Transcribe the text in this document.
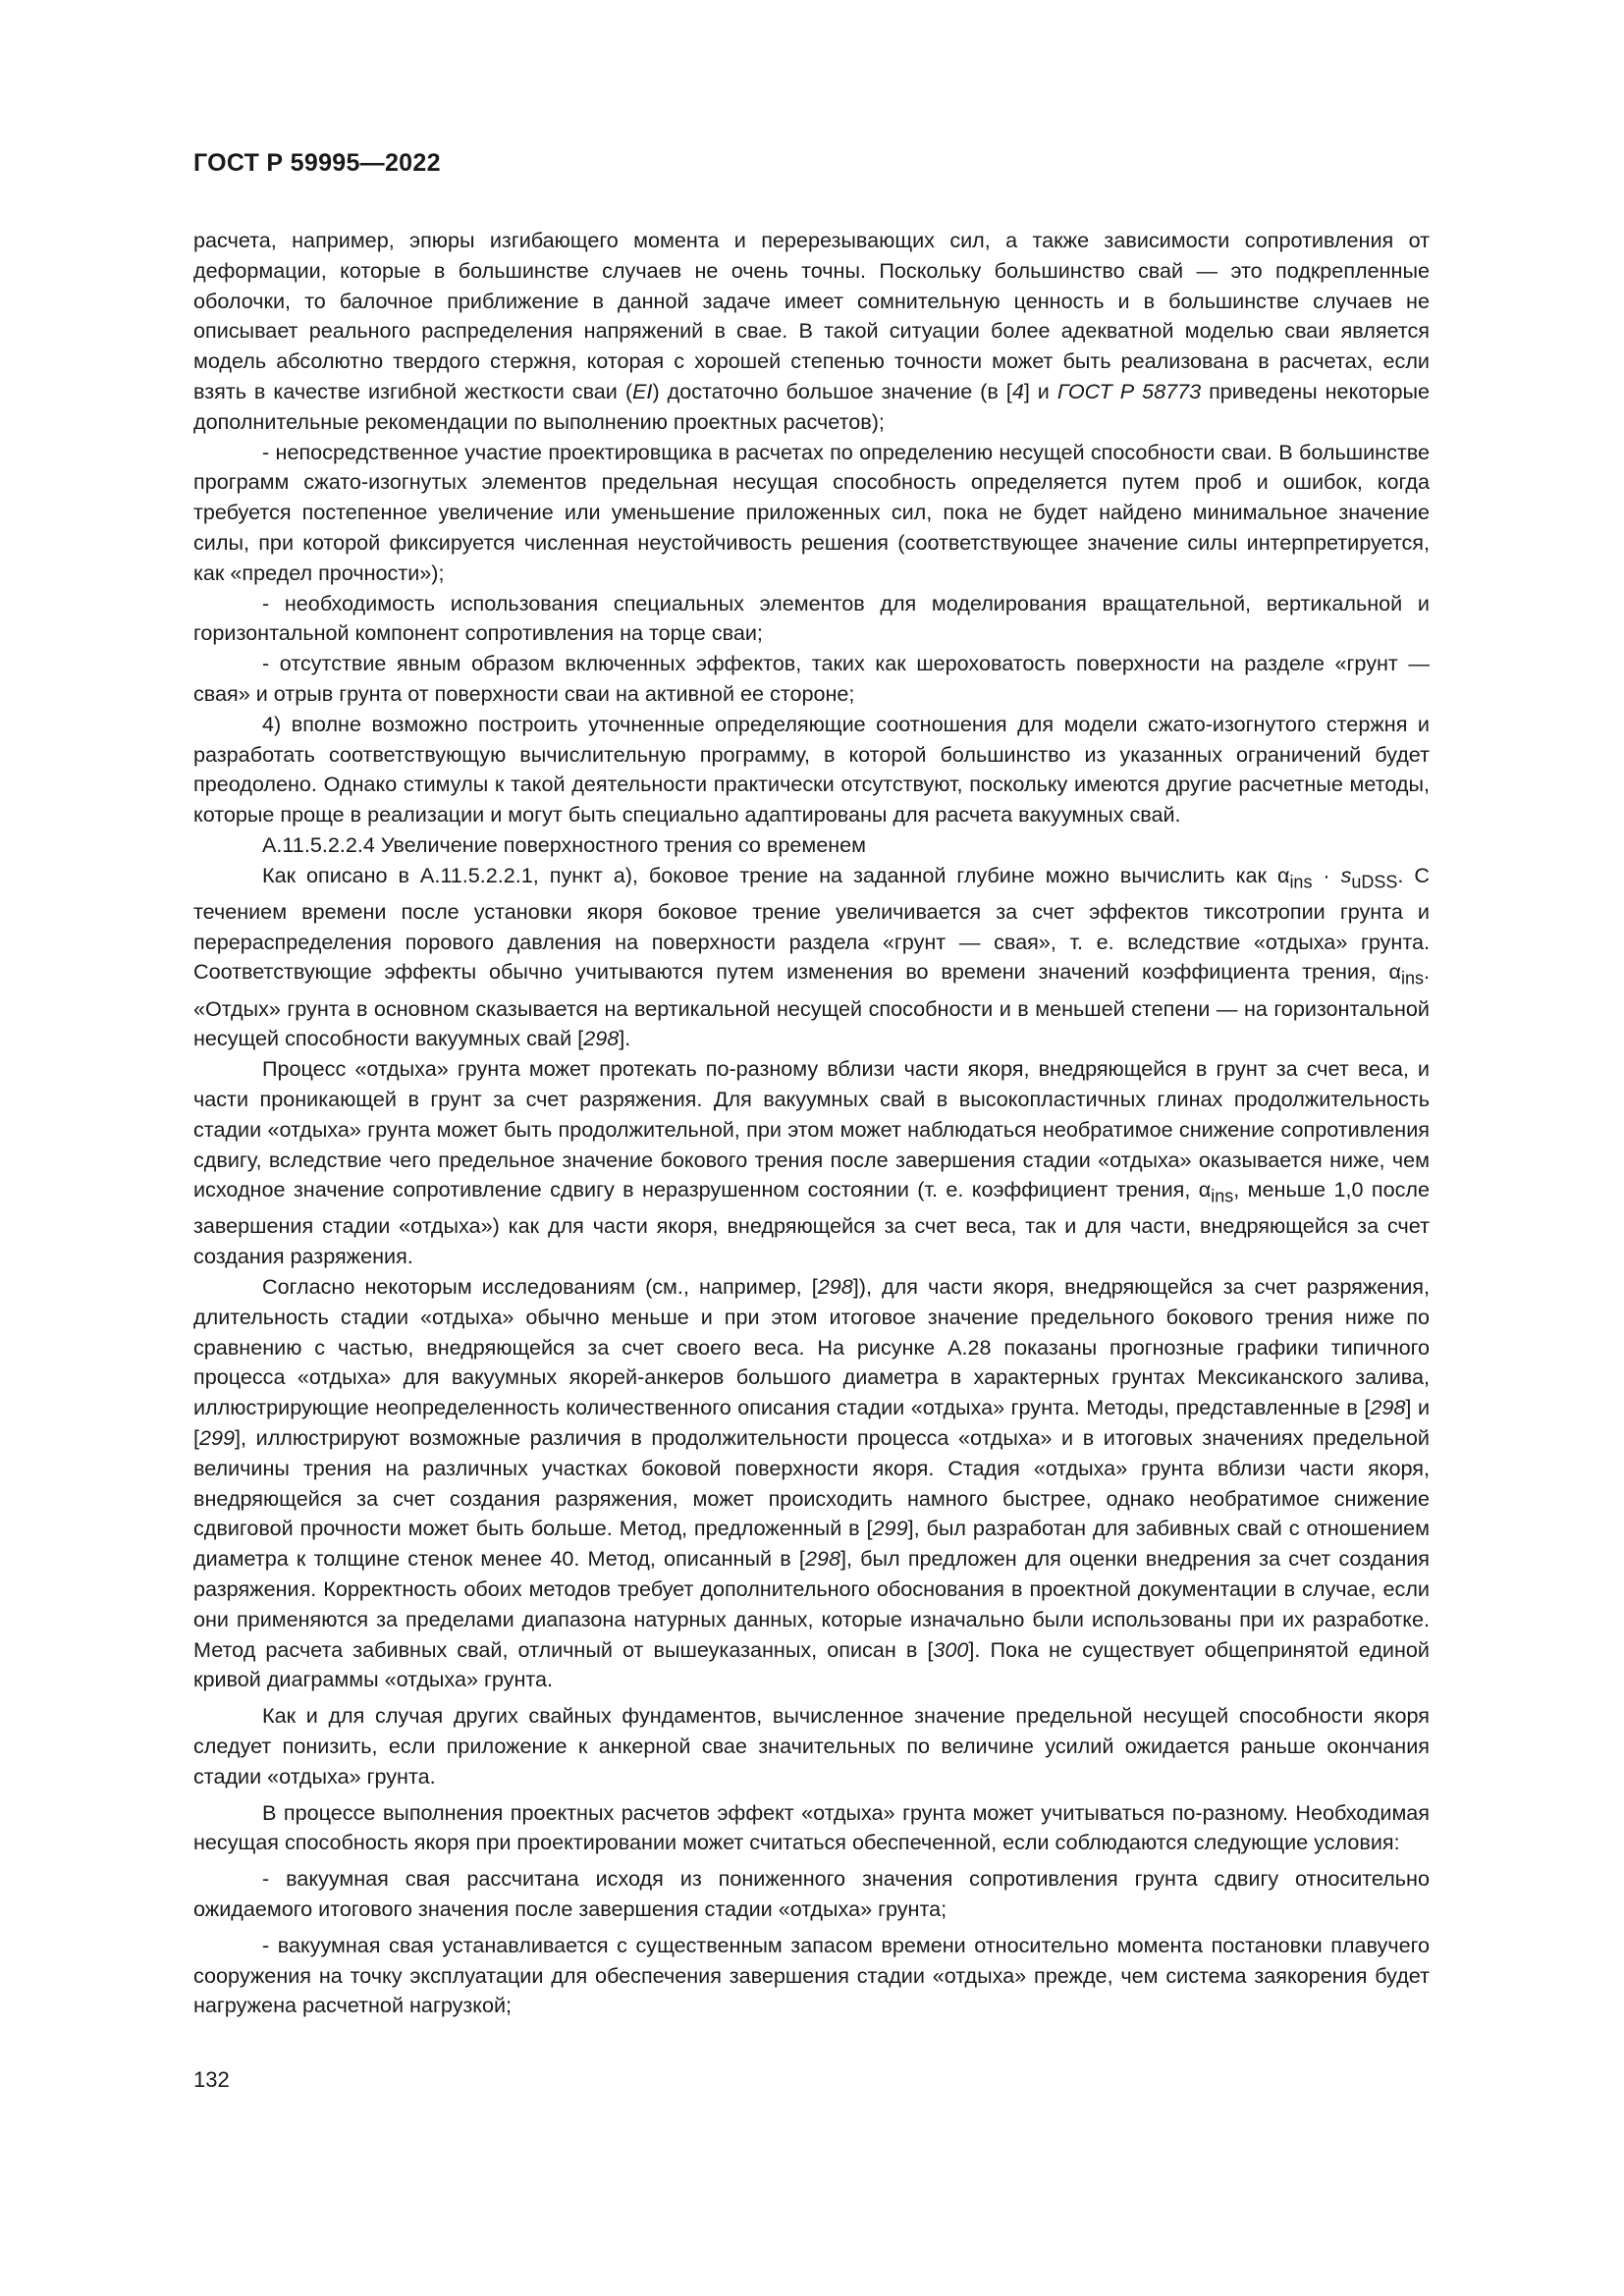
ГОСТ Р 59995—2022

расчета, например, эпюры изгибающего момента и перерезывающих сил, а также зависимости сопротивления от деформации, которые в большинстве случаев не очень точны. Поскольку большинство свай — это подкрепленные оболочки, то балочное приближение в данной задаче имеет сомнительную ценность и в большинстве случаев не описывает реального распределения напряжений в свае. В такой ситуации более адекватной моделью сваи является модель абсолютно твердого стержня, которая с хорошей степенью точности может быть реализована в расчетах, если взять в качестве изгибной жесткости сваи (EI) достаточно большое значение (в [4] и ГОСТ Р 58773 приведены некоторые дополнительные рекомендации по выполнению проектных расчетов);

- непосредственное участие проектировщика в расчетах по определению несущей способности сваи. В большинстве программ сжато-изогнутых элементов предельная несущая способность определяется путем проб и ошибок, когда требуется постепенное увеличение или уменьшение приложенных сил, пока не будет найдено минимальное значение силы, при которой фиксируется численная неустойчивость решения (соответствующее значение силы интерпретируется, как «предел прочности»);

- необходимость использования специальных элементов для моделирования вращательной, вертикальной и горизонтальной компонент сопротивления на торце сваи;

- отсутствие явным образом включенных эффектов, таких как шероховатость поверхности на разделе «грунт — свая» и отрыв грунта от поверхности сваи на активной ее стороне;

4) вполне возможно построить уточненные определяющие соотношения для модели сжато-изогнутого стержня и разработать соответствующую вычислительную программу, в которой большинство из указанных ограничений будет преодолено. Однако стимулы к такой деятельности практически отсутствуют, поскольку имеются другие расчетные методы, которые проще в реализации и могут быть специально адаптированы для расчета вакуумных свай.

А.11.5.2.2.4 Увеличение поверхностного трения со временем

Как описано в А.11.5.2.2.1, пункт а), боковое трение на заданной глубине можно вычислить как $\alpha_{ins} \cdot s_{uDSS}$. С течением времени после установки якоря боковое трение увеличивается за счет эффектов тиксотропии грунта и перераспределения порового давления на поверхности раздела «грунт — свая», т. е. вследствие «отдыха» грунта. Соответствующие эффекты обычно учитываются путем изменения во времени значений коэффициента трения, $\alpha_{ins}$. «Отдых» грунта в основном сказывается на вертикальной несущей способности и в меньшей степени — на горизонтальной несущей способности вакуумных свай [298].

Процесс «отдыха» грунта может протекать по-разному вблизи части якоря, внедряющейся в грунт за счет веса, и части проникающей в грунт за счет разряжения. Для вакуумных свай в высокопластичных глинах продолжительность стадии «отдыха» грунта может быть продолжительной, при этом может наблюдаться необратимое снижение сопротивления сдвигу, вследствие чего предельное значение бокового трения после завершения стадии «отдыха» оказывается ниже, чем исходное значение сопротивление сдвигу в неразрушенном состоянии (т. е. коэффициент трения, $\alpha_{ins}$, меньше 1,0 после завершения стадии «отдыха») как для части якоря, внедряющейся за счет веса, так и для части, внедряющейся за счет создания разряжения.

Согласно некоторым исследованиям (см., например, [298]), для части якоря, внедряющейся за счет разряжения, длительность стадии «отдыха» обычно меньше и при этом итоговое значение предельного бокового трения ниже по сравнению с частью, внедряющейся за счет своего веса. На рисунке А.28 показаны прогнозные графики типичного процесса «отдыха» для вакуумных якорей-анкеров большого диаметра в характерных грунтах Мексиканского залива, иллюстрирующие неопределенность количественного описания стадии «отдыха» грунта. Методы, представленные в [298] и [299], иллюстрируют возможные различия в продолжительности процесса «отдыха» и в итоговых значениях предельной величины трения на различных участках боковой поверхности якоря. Стадия «отдыха» грунта вблизи части якоря, внедряющейся за счет создания разряжения, может происходить намного быстрее, однако необратимое снижение сдвиговой прочности может быть больше. Метод, предложенный в [299], был разработан для забивных свай с отношением диаметра к толщине стенок менее 40. Метод, описанный в [298], был предложен для оценки внедрения за счет создания разряжения. Корректность обоих методов требует дополнительного обоснования в проектной документации в случае, если они применяются за пределами диапазона натурных данных, которые изначально были использованы при их разработке. Метод расчета забивных свай, отличный от вышеуказанных, описан в [300]. Пока не существует общепринятой единой кривой диаграммы «отдыха» грунта.

Как и для случая других свайных фундаментов, вычисленное значение предельной несущей способности якоря следует понизить, если приложение к анкерной свае значительных по величине усилий ожидается раньше окончания стадии «отдыха» грунта.

В процессе выполнения проектных расчетов эффект «отдыха» грунта может учитываться по-разному. Необходимая несущая способность якоря при проектировании может считаться обеспеченной, если соблюдаются следующие условия:

- вакуумная свая рассчитана исходя из пониженного значения сопротивления грунта сдвигу относительно ожидаемого итогового значения после завершения стадии «отдыха» грунта;

- вакуумная свая устанавливается с существенным запасом времени относительно момента постановки плавучего сооружения на точку эксплуатации для обеспечения завершения стадии «отдыха» прежде, чем система заякорения будет нагружена расчетной нагрузкой;

132
